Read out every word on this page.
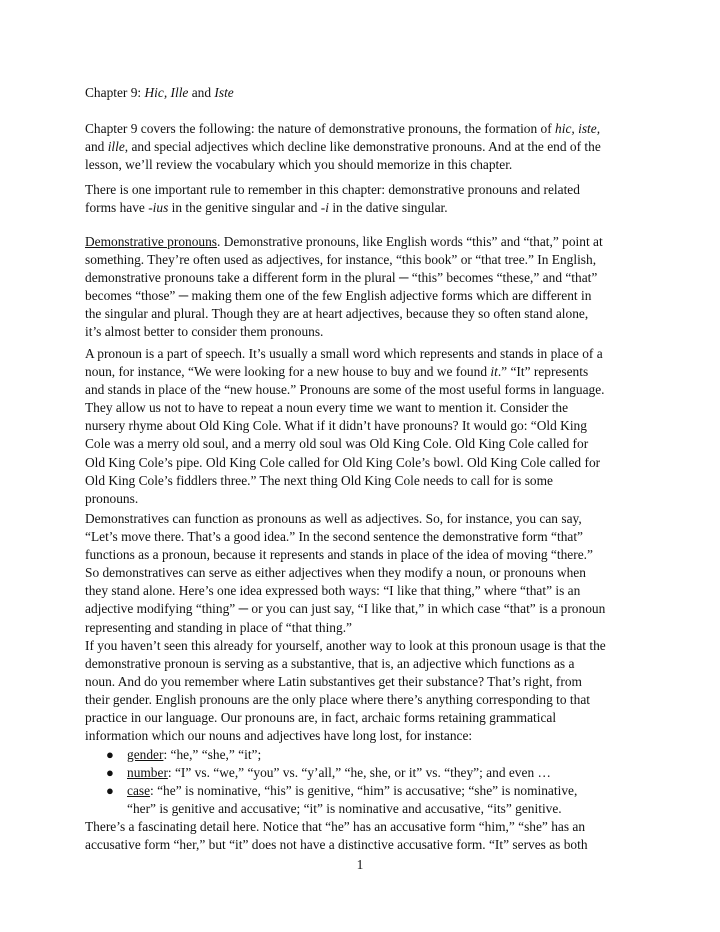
Chapter 9: Hic, Ille and Iste

Chapter 9 covers the following: the nature of demonstrative pronouns, the formation of hic, iste,
and ille, and special adjectives which decline like demonstrative pronouns. And at the end of the
lesson, we’ll review the vocabulary which you should memorize in this chapter.

There is one important rule to remember in this chapter: demonstrative pronouns and related
forms have -ius in the genitive singular and -i in the dative singular.

Demonstrative pronouns. Demonstrative pronouns, like English words “this” and “that,” point at
something. They’re often used as adjectives, for instance, “this book” or “that tree.” In English,
demonstrative pronouns take a different form in the plural ─ “this” becomes “these,” and “that”
becomes “those” ─ making them one of the few English adjective forms which are different in
the singular and plural. Though they are at heart adjectives, because they so often stand alone,
it’s almost better to consider them pronouns.

A pronoun is a part of speech. It’s usually a small word which represents and stands in place of a
noun, for instance, “We were looking for a new house to buy and we found it.” “It” represents
and stands in place of the “new house.” Pronouns are some of the most useful forms in language.
They allow us not to have to repeat a noun every time we want to mention it. Consider the
nursery rhyme about Old King Cole. What if it didn’t have pronouns? It would go: “Old King
Cole was a merry old soul, and a merry old soul was Old King Cole. Old King Cole called for
Old King Cole’s pipe. Old King Cole called for Old King Cole’s bowl. Old King Cole called for
Old King Cole’s fiddlers three.” The next thing Old King Cole needs to call for is some
pronouns.

Demonstratives can function as pronouns as well as adjectives. So, for instance, you can say,
“Let’s move there. That’s a good idea.” In the second sentence the demonstrative form “that”
functions as a pronoun, because it represents and stands in place of the idea of moving “there.”
So demonstratives can serve as either adjectives when they modify a noun, or pronouns when
they stand alone. Here’s one idea expressed both ways: “I like that thing,” where “that” is an
adjective modifying “thing” ─ or you can just say, “I like that,” in which case “that” is a pronoun
representing and standing in place of “that thing.”

If you haven’t seen this already for yourself, another way to look at this pronoun usage is that the
demonstrative pronoun is serving as a substantive, that is, an adjective which functions as a
noun. And do you remember where Latin substantives get their substance? That’s right, from
their gender. English pronouns are the only place where there’s anything corresponding to that
practice in our language. Our pronouns are, in fact, archaic forms retaining grammatical
information which our nouns and adjectives have long lost, for instance:

● gender: “he,” “she,” “it”;
● number: “I” vs. “we,” “you” vs. “y’all,” “he, she, or it” vs. “they”; and even …
● case: “he” is nominative, “his” is genitive, “him” is accusative; “she” is nominative,
“her” is genitive and accusative; “it” is nominative and accusative, “its” genitive.

There’s a fascinating detail here. Notice that “he” has an accusative form “him,” “she” has an
accusative form “her,” but “it” does not have a distinctive accusative form. “It” serves as both

1
